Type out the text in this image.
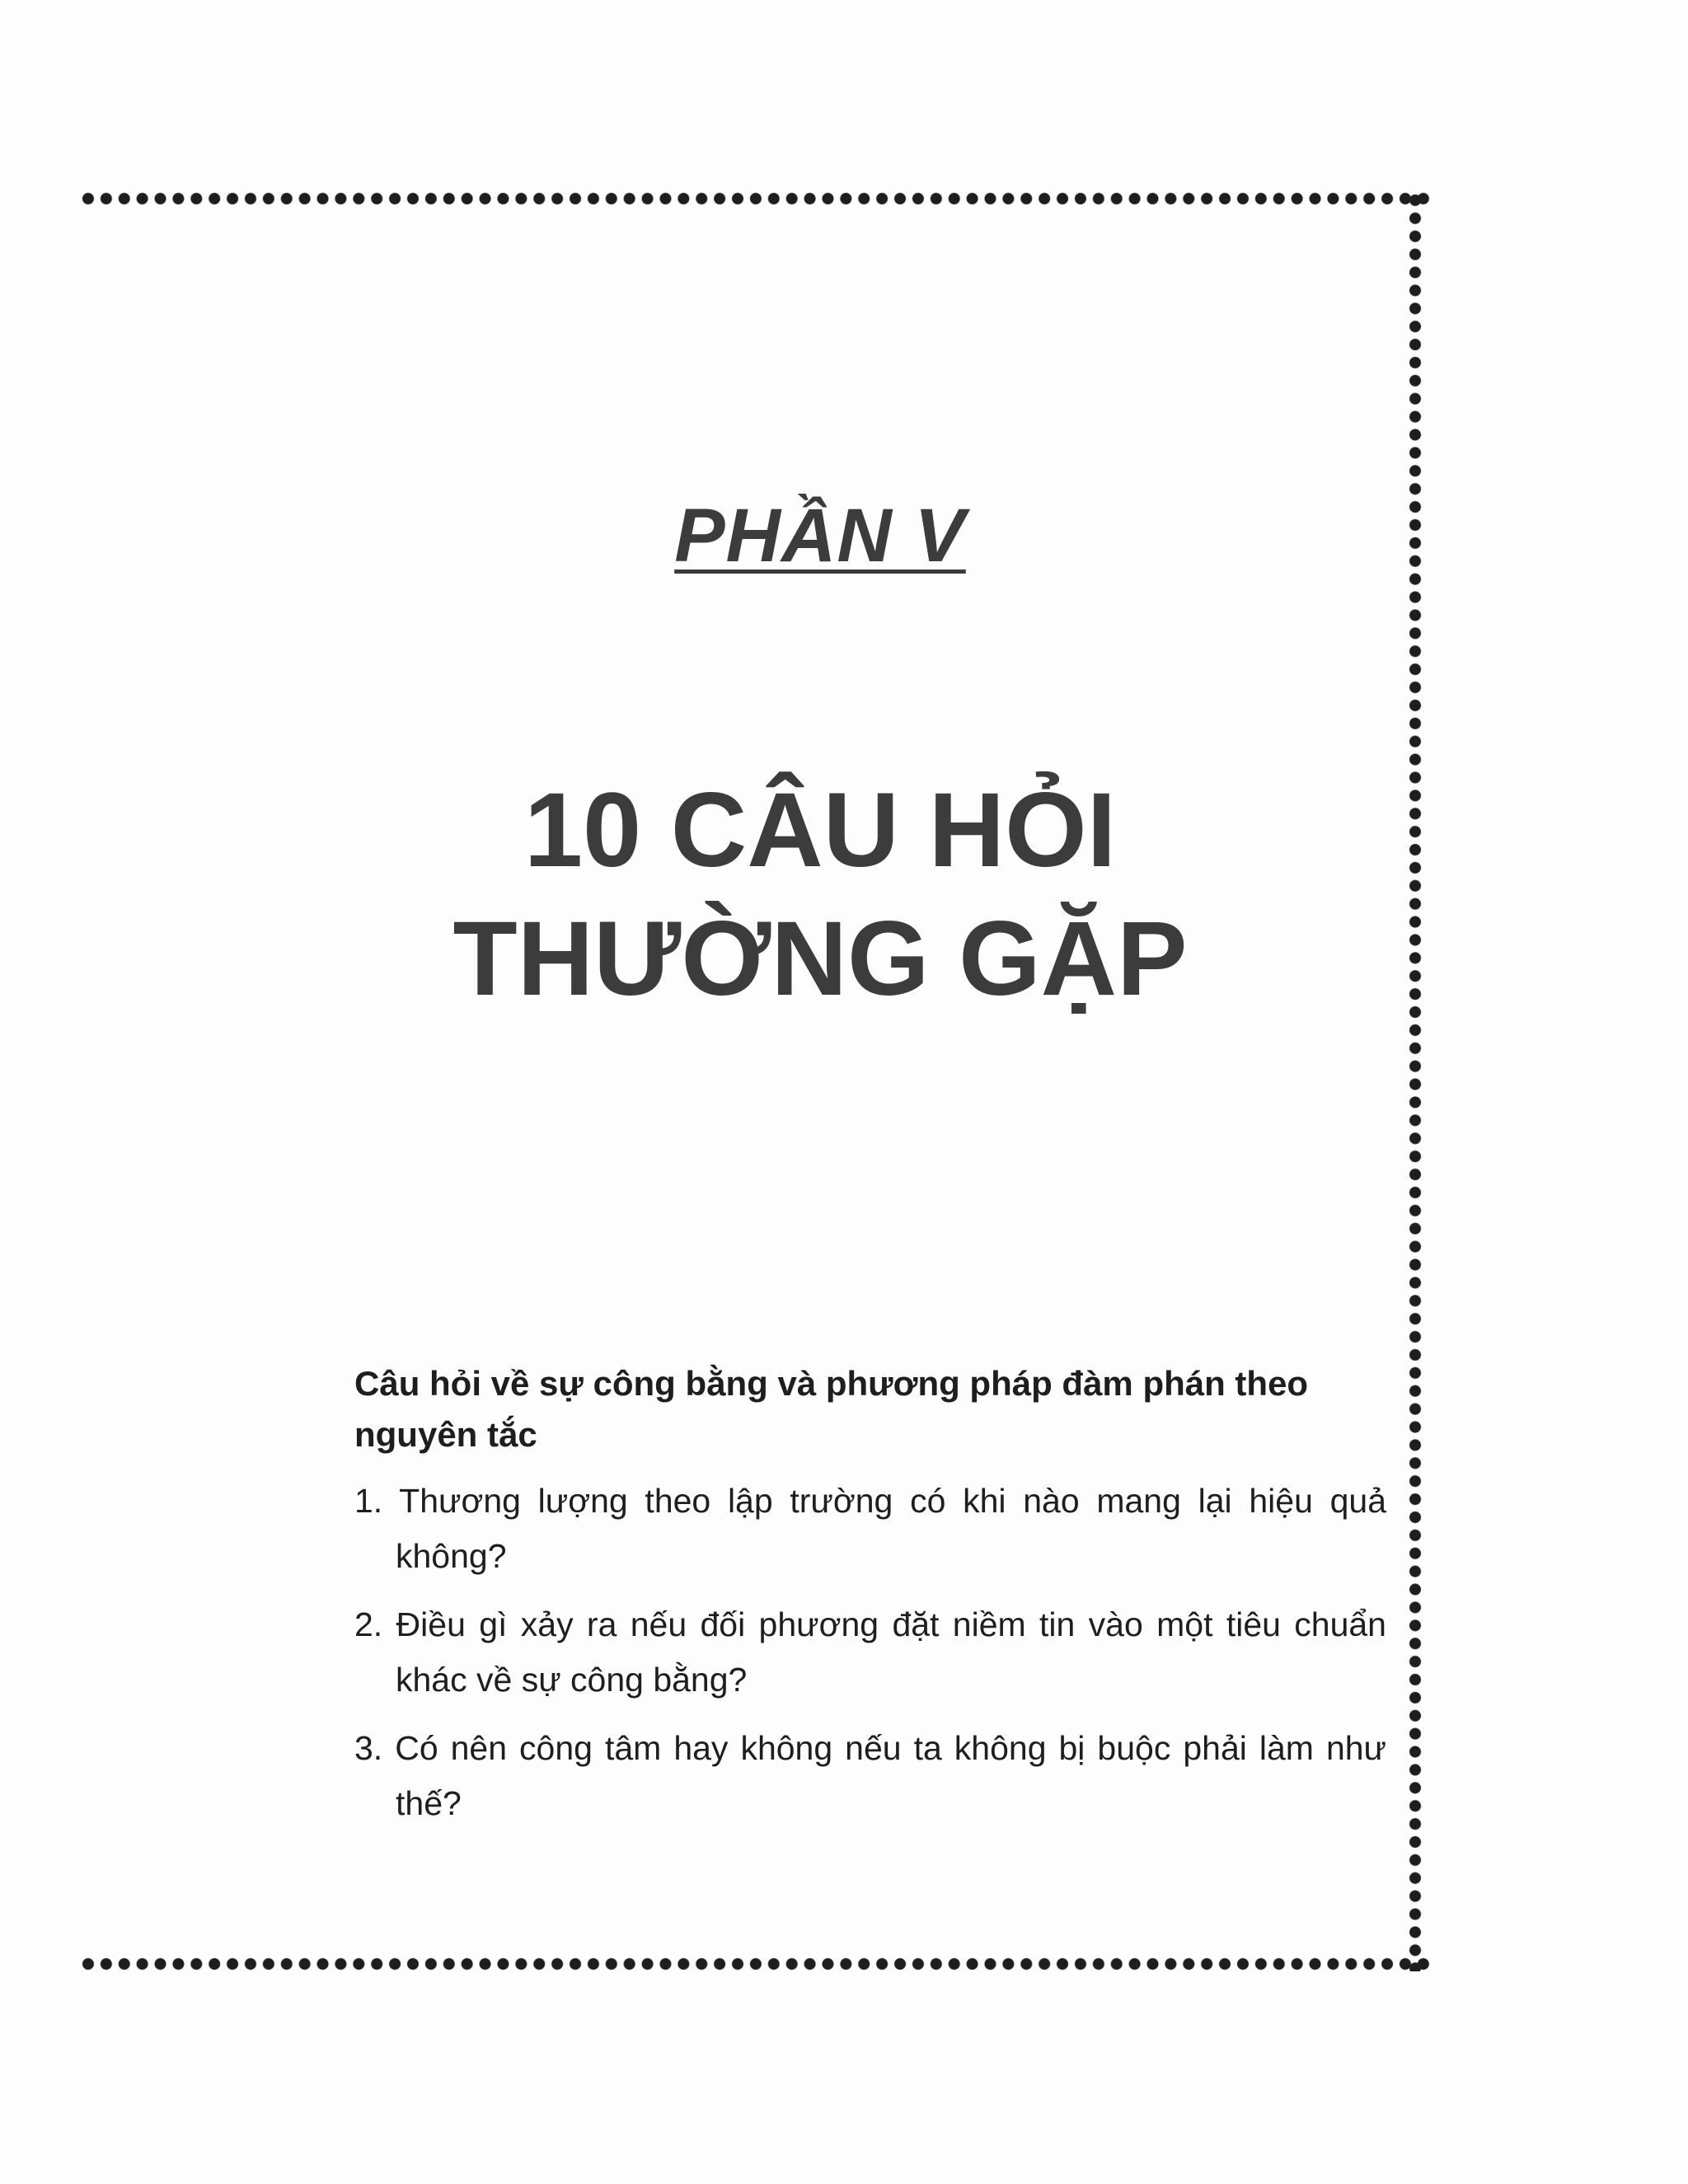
PHẦN V
10 CÂU HỎI
THƯỜNG GẶP

Câu hỏi về sự công bằng và phương pháp đàm phán theo nguyên tắc

1. Thương lượng theo lập trường có khi nào mang lại hiệu quả không?
2. Điều gì xảy ra nếu đối phương đặt niềm tin vào một tiêu chuẩn khác về sự công bằng?
3. Có nên công tâm hay không nếu ta không bị buộc phải làm như thế?
